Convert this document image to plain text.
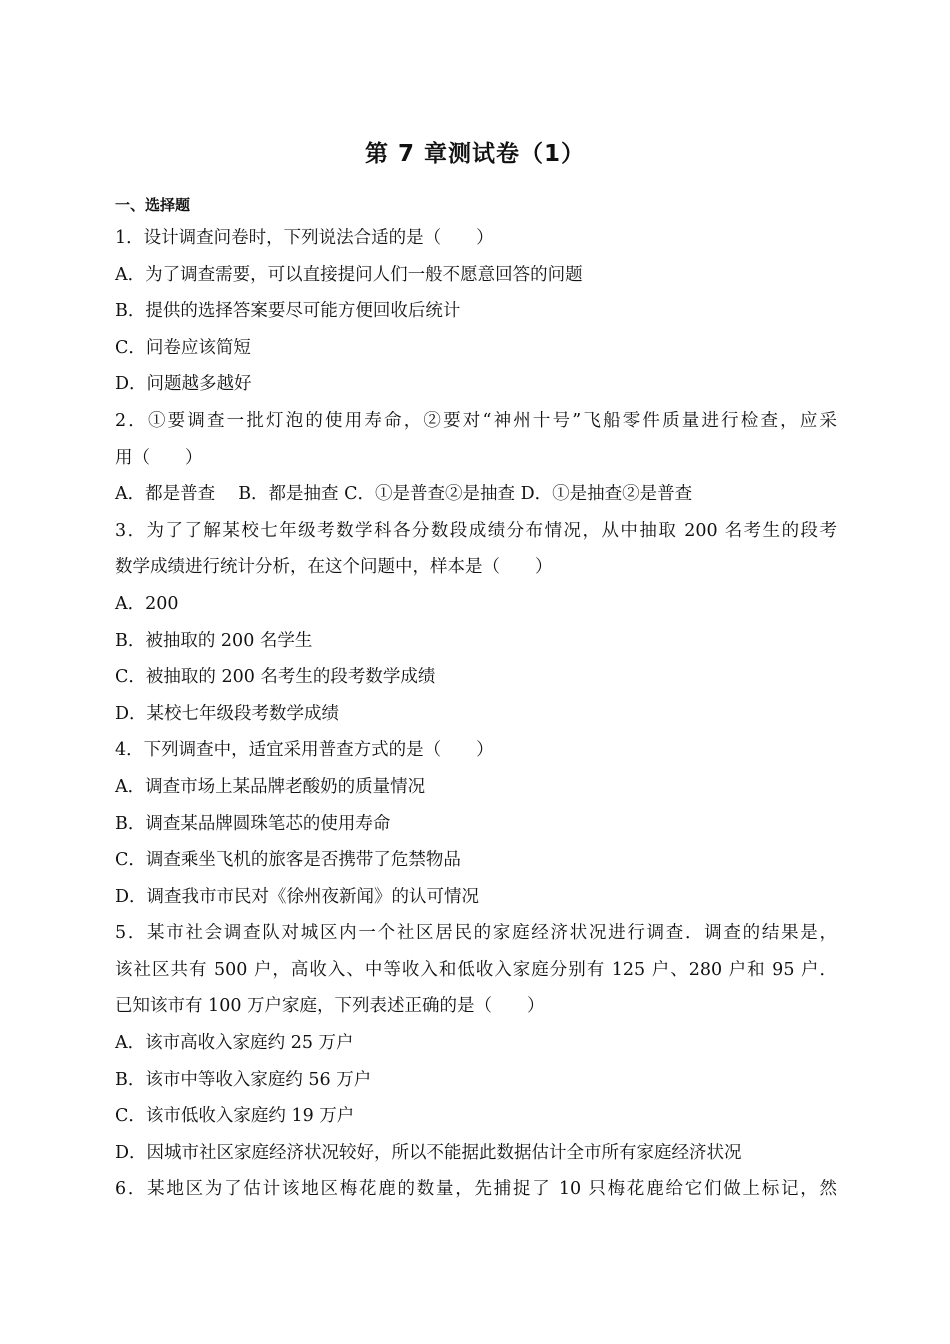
第 7 章测试卷（1）
一、选择题
1．设计调查问卷时，下列说法合适的是（　　）
A．为了调查需要，可以直接提问人们一般不愿意回答的问题
B．提供的选择答案要尽可能方便回收后统计
C．问卷应该简短
D．问题越多越好
2．①要调查一批灯泡的使用寿命，②要对“神州十号”飞船零件质量进行检查，应采
用（　　）
A．都是普查　 B．都是抽查 C．①是普查②是抽查 D．①是抽查②是普查
3．为了了解某校七年级考数学科各分数段成绩分布情况，从中抽取 200 名考生的段考
数学成绩进行统计分析，在这个问题中，样本是（　　）
A．200
B．被抽取的 200 名学生
C．被抽取的 200 名考生的段考数学成绩
D．某校七年级段考数学成绩
4．下列调查中，适宜采用普查方式的是（　　）
A．调查市场上某品牌老酸奶的质量情况
B．调查某品牌圆珠笔芯的使用寿命
C．调查乘坐飞机的旅客是否携带了危禁物品
D．调查我市市民对《徐州夜新闻》的认可情况
5．某市社会调查队对城区内一个社区居民的家庭经济状况进行调查．调查的结果是，
该社区共有 500 户，高收入、中等收入和低收入家庭分别有 125 户、280 户和 95 户．
已知该市有 100 万户家庭，下列表述正确的是（　　）
A．该市高收入家庭约 25 万户
B．该市中等收入家庭约 56 万户
C．该市低收入家庭约 19 万户
D．因城市社区家庭经济状况较好，所以不能据此数据估计全市所有家庭经济状况
6．某地区为了估计该地区梅花鹿的数量，先捕捉了 10 只梅花鹿给它们做上标记，然
